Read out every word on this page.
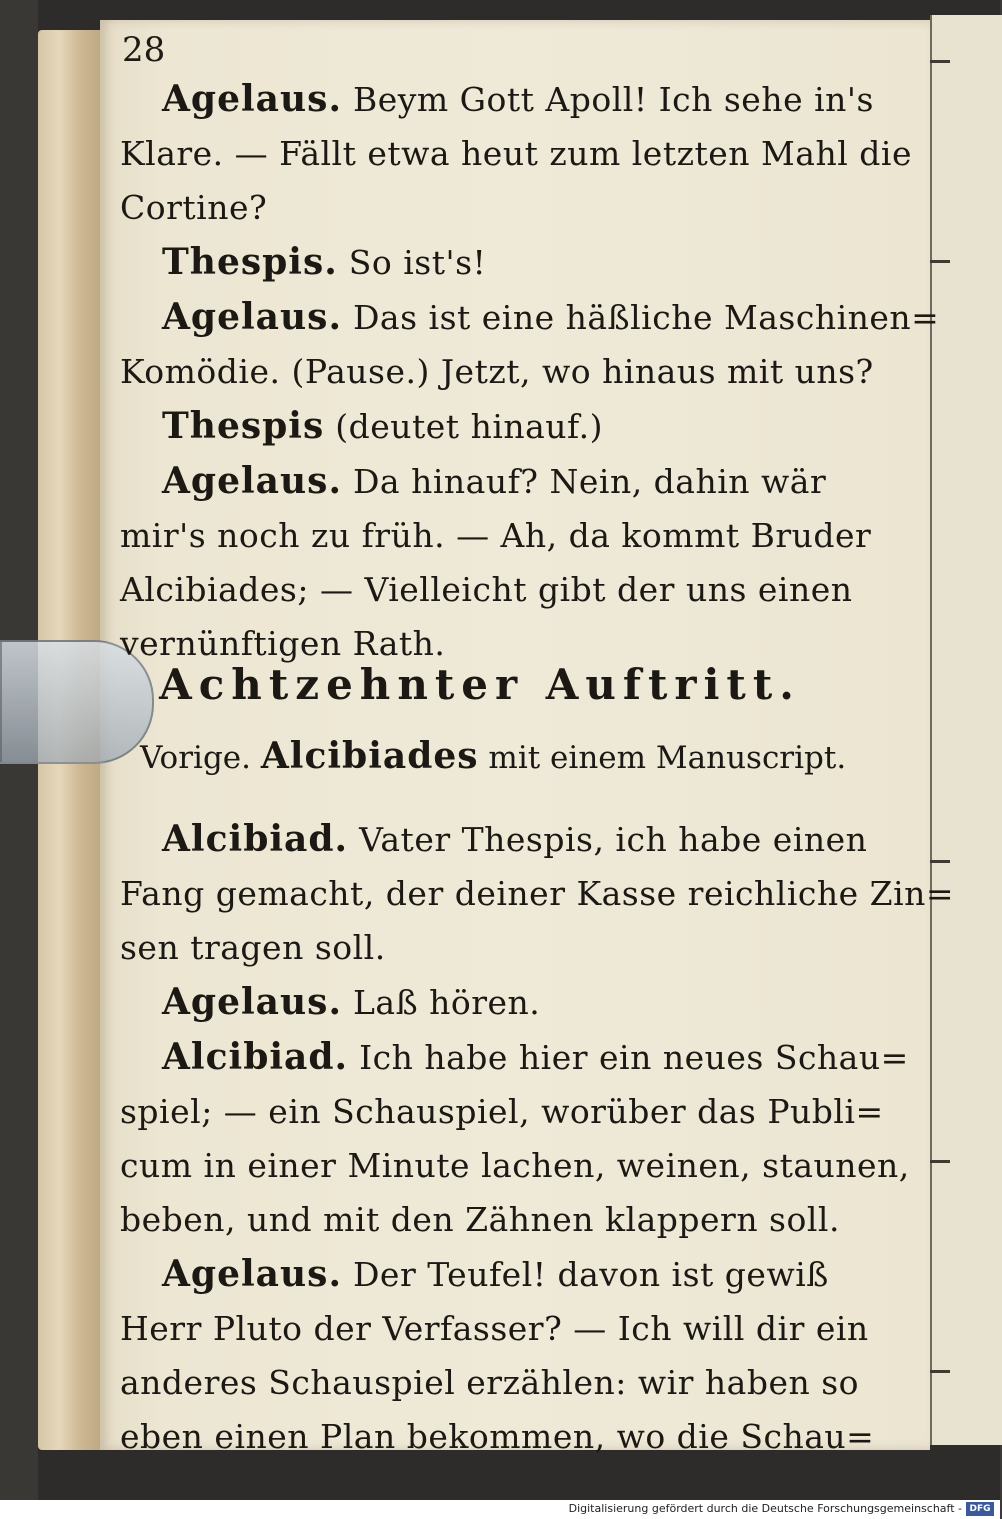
28
Agelaus. Beym Gott Apoll! Ich sehe in's
Klare. — Fällt etwa heut zum letzten Mahl die
Cortine?
Thespis. So ist's!
Agelaus. Das ist eine häßliche Maschinen=
Komödie. (Pause.) Jetzt, wo hinaus mit uns?
Thespis (deutet hinauf.)
Agelaus. Da hinauf? Nein, dahin wär
mir's noch zu früh. — Ah, da kommt Bruder
Alcibiades; — Vielleicht gibt der uns einen
vernünftigen Rath.
Achtzehnter Auftritt.
Vorige. Alcibiades mit einem Manuscript.
Alcibiad. Vater Thespis, ich habe einen
Fang gemacht, der deiner Kasse reichliche Zin=
sen tragen soll.
Agelaus. Laß hören.
Alcibiad. Ich habe hier ein neues Schau=
spiel; — ein Schauspiel, worüber das Publi=
cum in einer Minute lachen, weinen, staunen,
beben, und mit den Zähnen klappern soll.
Agelaus. Der Teufel! davon ist gewiß
Herr Pluto der Verfasser? — Ich will dir ein
anderes Schauspiel erzählen: wir haben so
eben einen Plan bekommen, wo die Schau=
Digitalisierung gefördert durch die Deutsche Forschungsgemeinschaft - DFG
